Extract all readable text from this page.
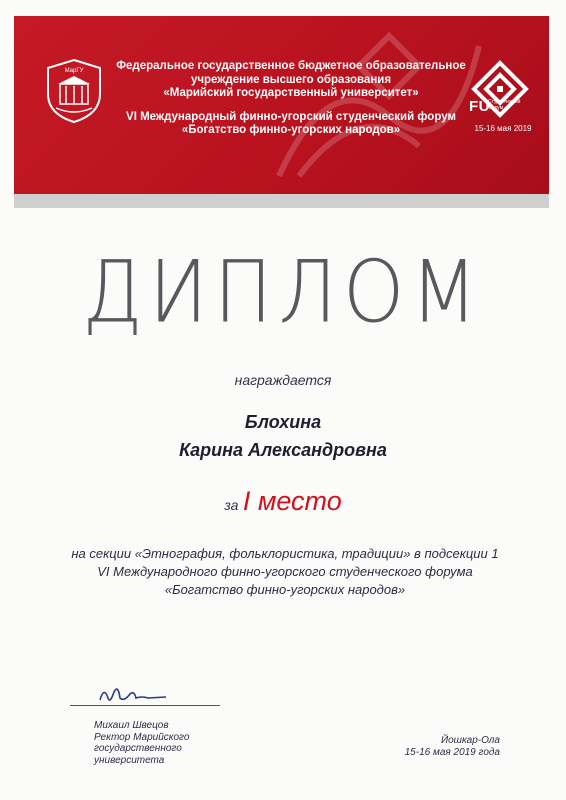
МарГУ	Федеральное государственное бюджетное образовательное
учреждение высшего образования
«Марийский государственный университет»
VI Международный финно-угорский студенческий форум
«Богатство финно-угорских народов»
FU
Студенческий Форум
15-16 мая 2019
ДИПЛОМ
награждается
Блохина
Карина Александровна
за I место
на секции «Этнография, фольклористика, традиции» в подсекции 1
VI Международного финно-угорского студенческого форума
«Богатство финно-угорских народов»
Михаил Швецов
Ректор Марийского
государственного
университета
Йошкар-Ола
15-16 мая 2019 года
